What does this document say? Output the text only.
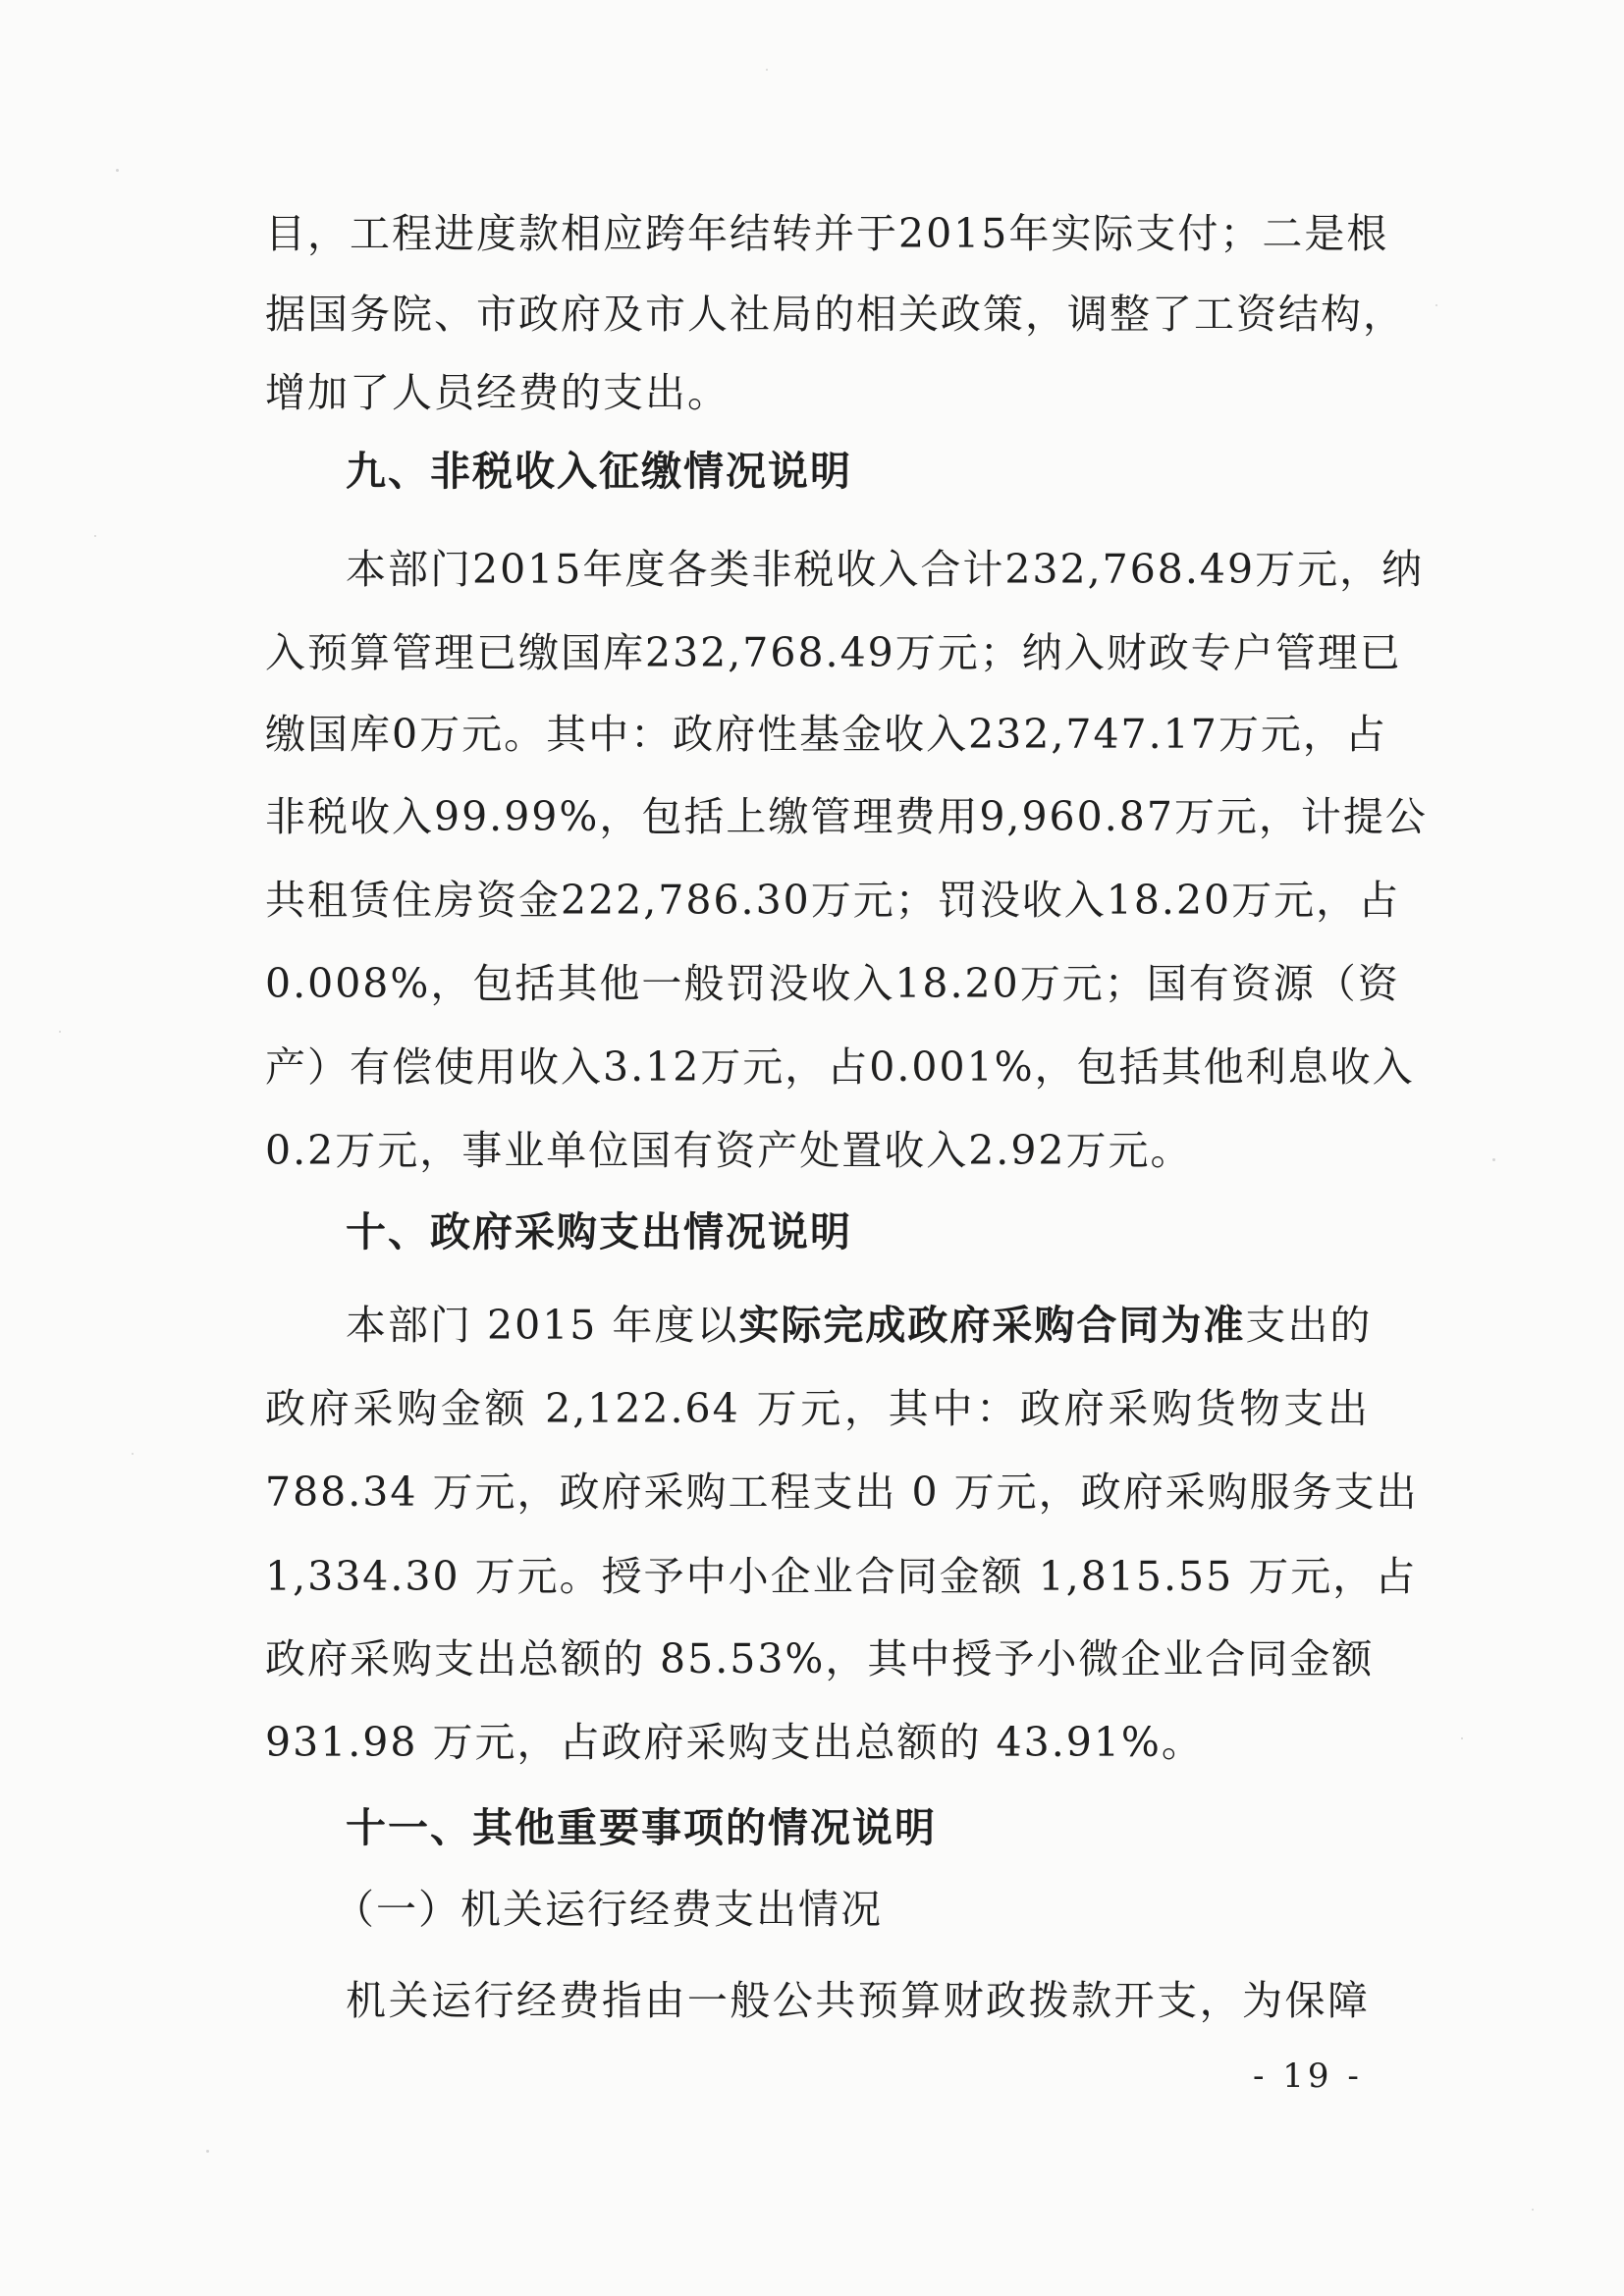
目，工程进度款相应跨年结转并于2015年实际支付；二是根
据国务院、市政府及市人社局的相关政策，调整了工资结构，
增加了人员经费的支出。
九、非税收入征缴情况说明
本部门2015年度各类非税收入合计232,768.49万元，纳
入预算管理已缴国库232,768.49万元；纳入财政专户管理已
缴国库0万元。其中：政府性基金收入232,747.17万元，占
非税收入99.99%，包括上缴管理费用9,960.87万元，计提公
共租赁住房资金222,786.30万元；罚没收入18.20万元，占
0.008%，包括其他一般罚没收入18.20万元；国有资源（资
产）有偿使用收入3.12万元，占0.001%，包括其他利息收入
0.2万元，事业单位国有资产处置收入2.92万元。
十、政府采购支出情况说明
本部门 2015 年度以实际完成政府采购合同为准支出的
政府采购金额 2,122.64 万元，其中：政府采购货物支出
788.34 万元，政府采购工程支出 0 万元，政府采购服务支出
1,334.30 万元。授予中小企业合同金额 1,815.55 万元，占
政府采购支出总额的 85.53%，其中授予小微企业合同金额
931.98 万元，占政府采购支出总额的 43.91%。
十一、其他重要事项的情况说明
（一）机关运行经费支出情况
机关运行经费指由一般公共预算财政拨款开支，为保障
- 19 -
